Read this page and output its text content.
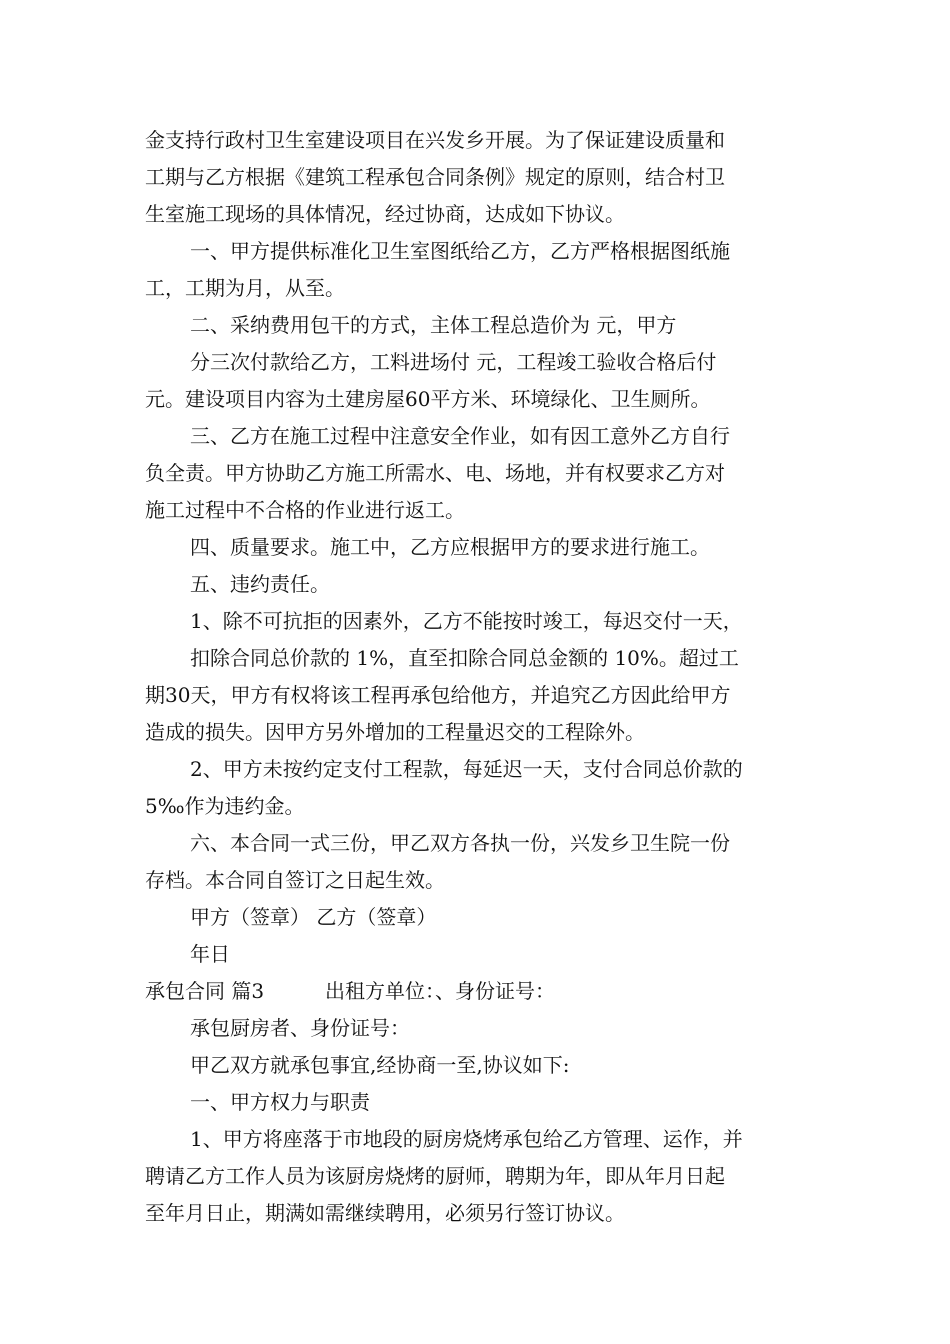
金支持行政村卫生室建设项目在兴发乡开展。为了保证建设质量和
工期与乙方根据《建筑工程承包合同条例》规定的原则，结合村卫
生室施工现场的具体情况，经过协商，达成如下协议。
一、甲方提供标准化卫生室图纸给乙方，乙方严格根据图纸施
工，工期为月，从至。
二、采纳费用包干的方式，主体工程总造价为 元，甲方
分三次付款给乙方，工料进场付 元，工程竣工验收合格后付
元。建设项目内容为土建房屋60平方米、环境绿化、卫生厕所。
三、乙方在施工过程中注意安全作业，如有因工意外乙方自行
负全责。甲方协助乙方施工所需水、电、场地，并有权要求乙方对
施工过程中不合格的作业进行返工。
四、质量要求。施工中，乙方应根据甲方的要求进行施工。
五、违约责任。
1、除不可抗拒的因素外，乙方不能按时竣工，每迟交付一天，
扣除合同总价款的 1%，直至扣除合同总金额的 10%。超过工
期30天，甲方有权将该工程再承包给他方，并追究乙方因此给甲方
造成的损失。因甲方另外增加的工程量迟交的工程除外。
2、甲方未按约定支付工程款，每延迟一天，支付合同总价款的
5‰作为违约金。
六、本合同一式三份，甲乙双方各执一份，兴发乡卫生院一份
存档。本合同自签订之日起生效。
甲方（签章） 乙方（签章）
年日
承包合同 篇3	出租方单位：、身份证号：
承包厨房者、身份证号：
甲乙双方就承包事宜,经协商一至,协议如下:
一、甲方权力与职责
1、甲方将座落于市地段的厨房烧烤承包给乙方管理、运作，并
聘请乙方工作人员为该厨房烧烤的厨师，聘期为年，即从年月日起
至年月日止，期满如需继续聘用，必须另行签订协议。
